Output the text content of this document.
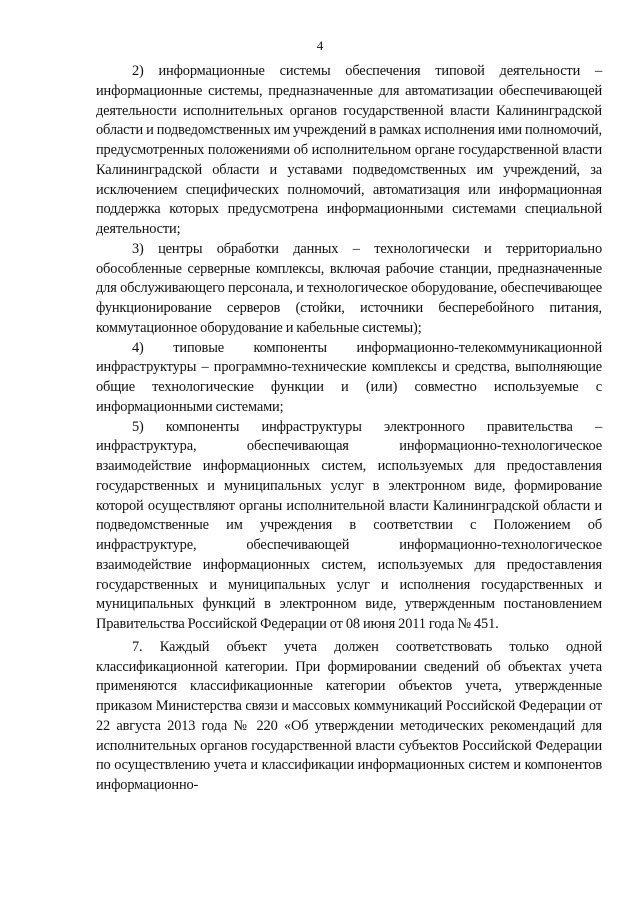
4

2) информационные системы обеспечения типовой деятельности – информационные системы, предназначенные для автоматизации обеспечивающей деятельности исполнительных органов государственной власти Калининградской области и подведомственных им учреждений в рамках исполнения ими полномочий, предусмотренных положениями об исполнительном органе государственной власти Калининградской области и уставами подведомственных им учреждений, за исключением специфических полномочий, автоматизация или информационная поддержка которых предусмотрена информационными системами специальной деятельности;

3) центры обработки данных – технологически и территориально обособленные серверные комплексы, включая рабочие станции, предназначенные для обслуживающего персонала, и технологическое оборудование, обеспечивающее функционирование серверов (стойки, источники бесперебойного питания, коммутационное оборудование и кабельные системы);

4) типовые компоненты информационно-телекоммуникационной инфраструктуры – программно-технические комплексы и средства, выполняющие общие технологические функции и (или) совместно используемые с информационными системами;

5) компоненты инфраструктуры электронного правительства – инфраструктура, обеспечивающая информационно-технологическое взаимодействие информационных систем, используемых для предоставления государственных и муниципальных услуг в электронном виде, формирование которой осуществляют органы исполнительной власти Калининградской области и подведомственные им учреждения в соответствии с Положением об инфраструктуре, обеспечивающей информационно-технологическое взаимодействие информационных систем, используемых для предоставления государственных и муниципальных услуг и исполнения государственных и муниципальных функций в электронном виде, утвержденным постановлением Правительства Российской Федерации от 08 июня 2011 года № 451.

7. Каждый объект учета должен соответствовать только одной классификационной категории. При формировании сведений об объектах учета применяются классификационные категории объектов учета, утвержденные приказом Министерства связи и массовых коммуникаций Российской Федерации от 22 августа 2013 года № 220 «Об утверждении методических рекомендаций для исполнительных органов государственной власти субъектов Российской Федерации по осуществлению учета и классификации информационных систем и компонентов информационно-
